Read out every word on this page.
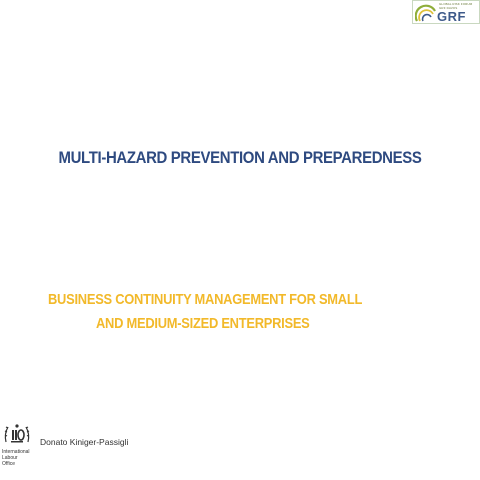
GLOBAL RISK FORUM GRF DAVOS
GRF
MULTI-HAZARD PREVENTION AND PREPAREDNESS
BUSINESS CONTINUITY MANAGEMENT FOR SMALL
AND MEDIUM-SIZED ENTERPRISES
International
Labour
Office
Donato Kiniger-Passigli
